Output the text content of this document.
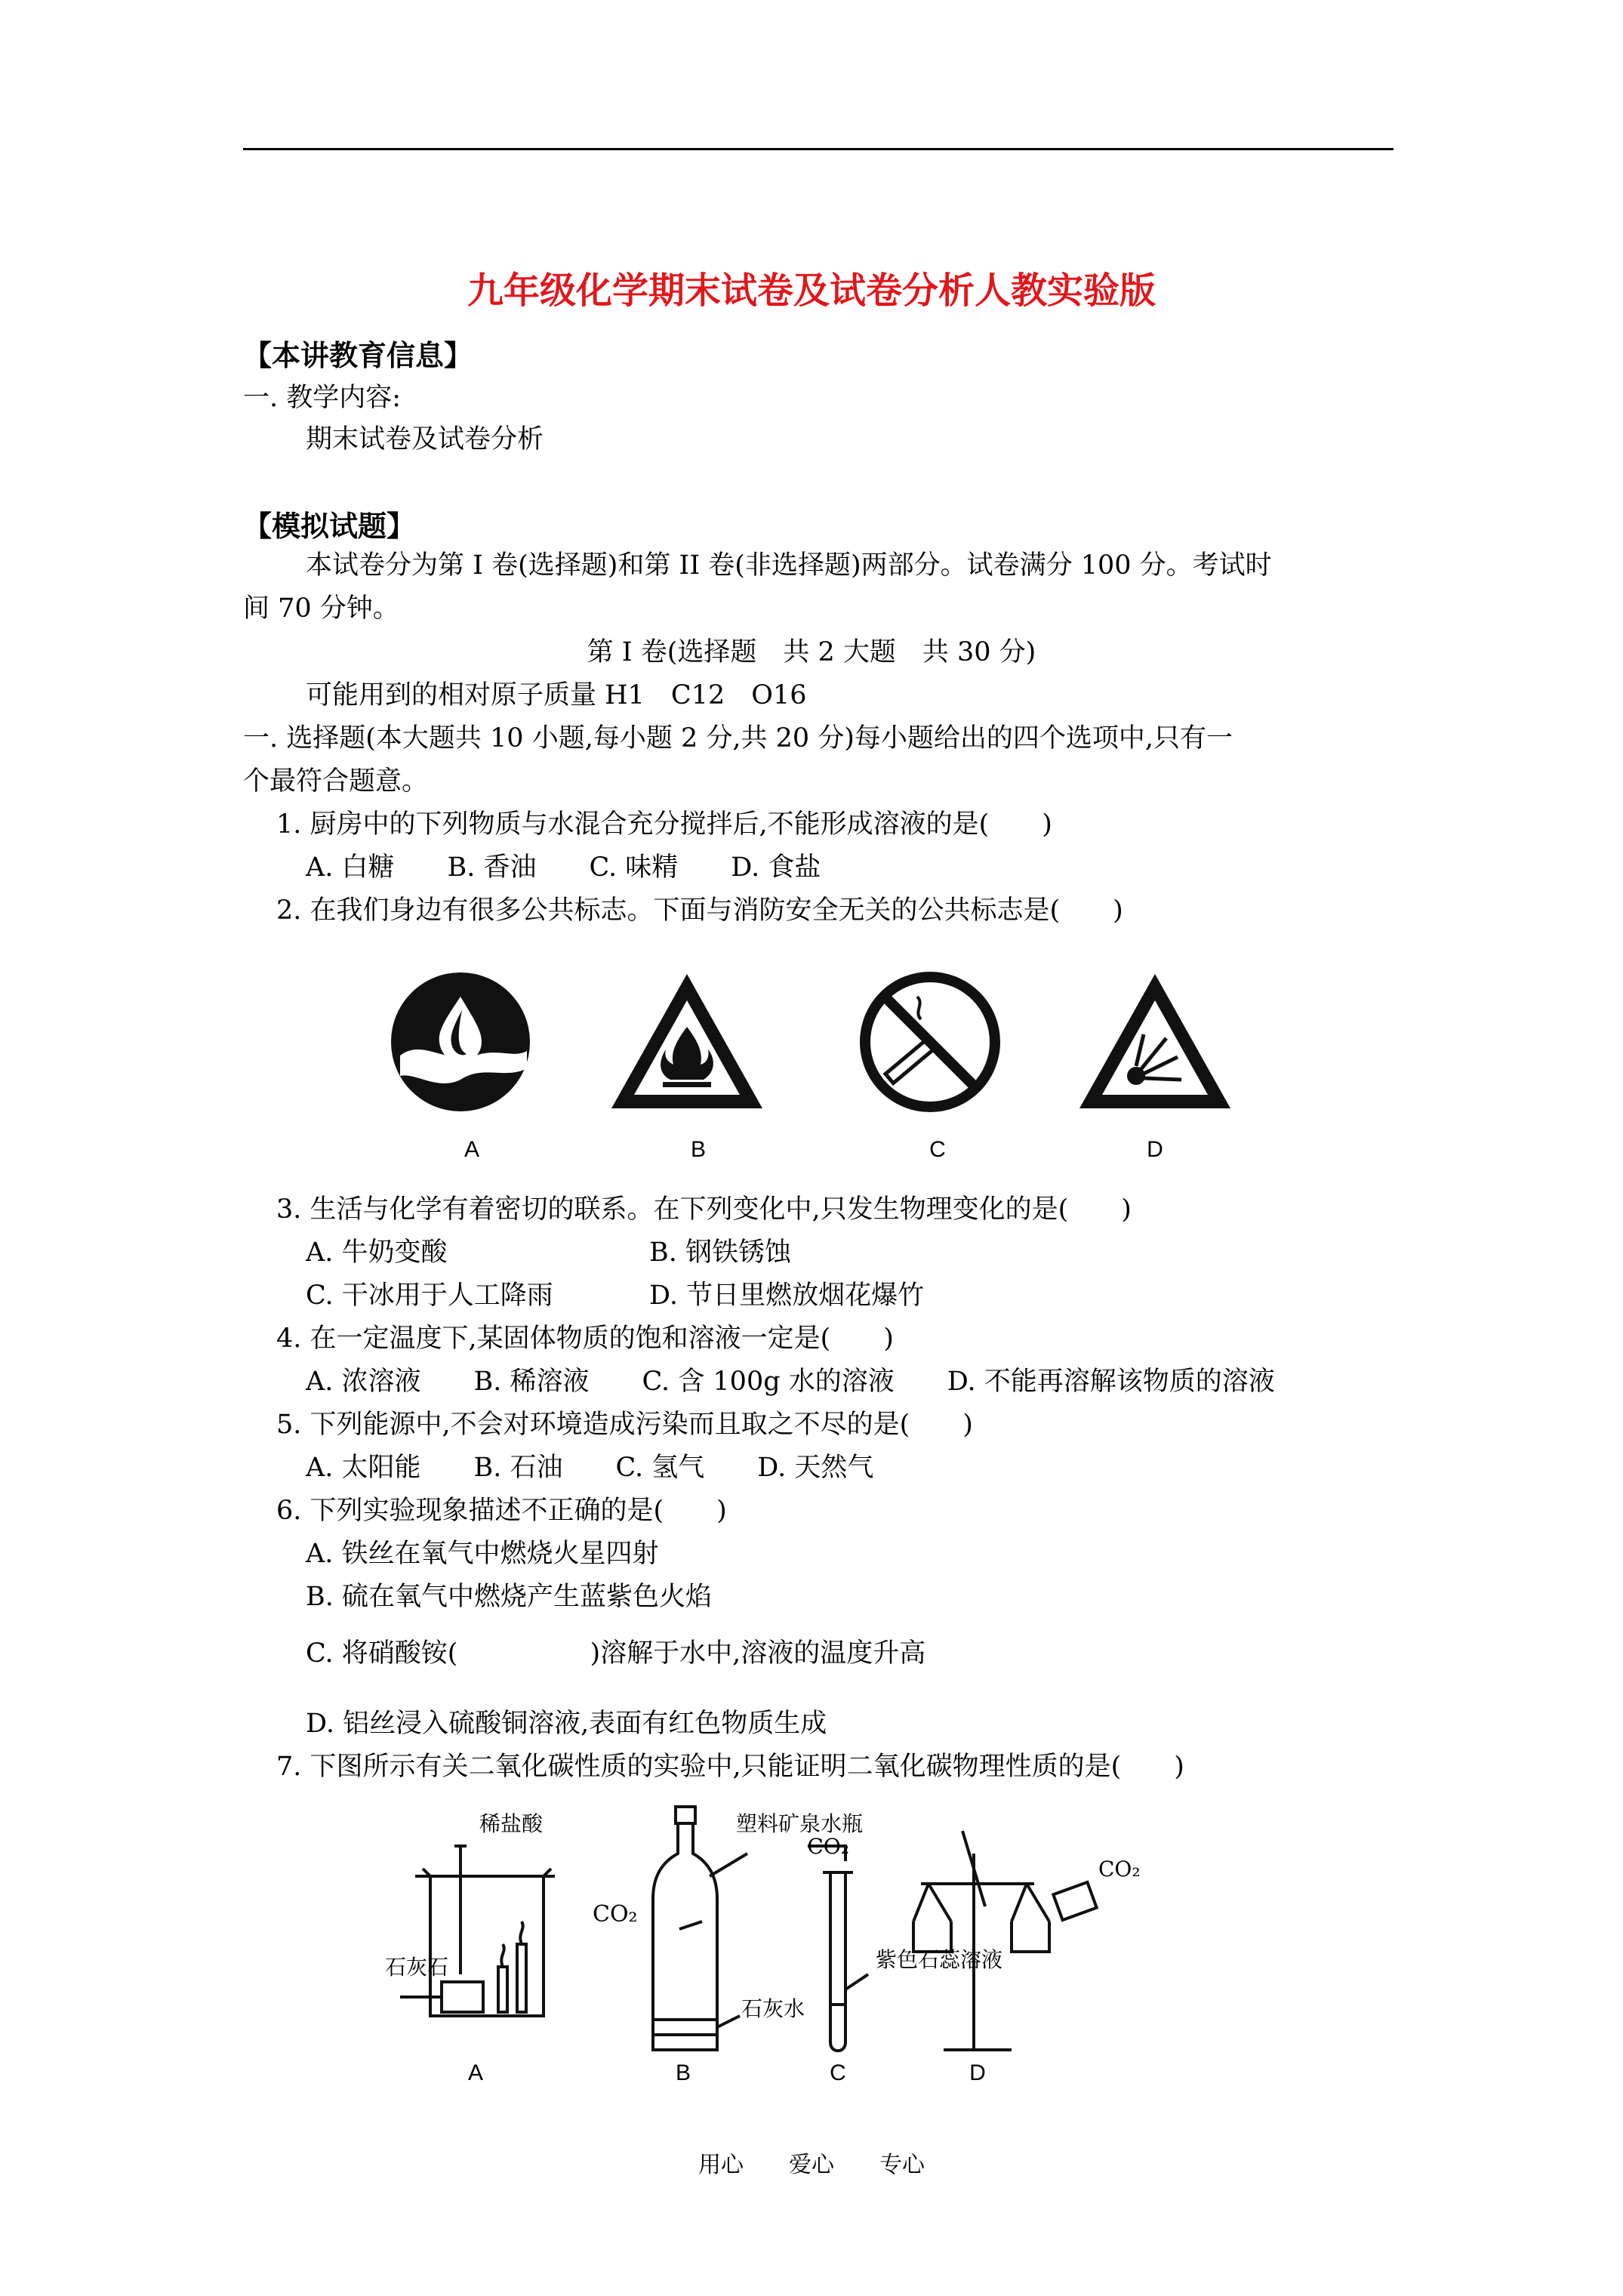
九年级化学期末试卷及试卷分析人教实验版
【本讲教育信息】
一. 教学内容:
期末试卷及试卷分析
【模拟试题】
本试卷分为第 I 卷(选择题)和第 II 卷(非选择题)两部分。试卷满分 100 分。考试时
间 70 分钟。
第 I 卷(选择题　共 2 大题　共 30 分)
可能用到的相对原子质量 H1　C12　O16
一. 选择题(本大题共 10 小题,每小题 2 分,共 20 分)每小题给出的四个选项中,只有一
个最符合题意。
1. 厨房中的下列物质与水混合充分搅拌后,不能形成溶液的是(　　)
A. 白糖　　B. 香油　　C. 味精　　D. 食盐
2. 在我们身边有很多公共标志。下面与消防安全无关的公共标志是(　　)
A	B	C	D
3. 生活与化学有着密切的联系。在下列变化中,只发生物理变化的是(　　)
A. 牛奶变酸	B. 钢铁锈蚀
C. 干冰用于人工降雨	D. 节日里燃放烟花爆竹
4. 在一定温度下,某固体物质的饱和溶液一定是(　　)
A. 浓溶液　　B. 稀溶液　　C. 含 100g 水的溶液　　D. 不能再溶解该物质的溶液
5. 下列能源中,不会对环境造成污染而且取之不尽的是(　　)
A. 太阳能　　B. 石油　　C. 氢气　　D. 天然气
6. 下列实验现象描述不正确的是(　　)
A. 铁丝在氧气中燃烧火星四射
B. 硫在氧气中燃烧产生蓝紫色火焰
C. 将硝酸铵(　　　　　)溶解于水中,溶液的温度升高
D. 铝丝浸入硫酸铜溶液,表面有红色物质生成
7. 下图所示有关二氧化碳性质的实验中,只能证明二氧化碳物理性质的是(　　)
稀盐酸
石灰石
塑料矿泉水瓶
CO₂
石灰水
CO₂
紫色石蕊溶液
CO₂
A	B	C	D
用心　　爱心　　专心
